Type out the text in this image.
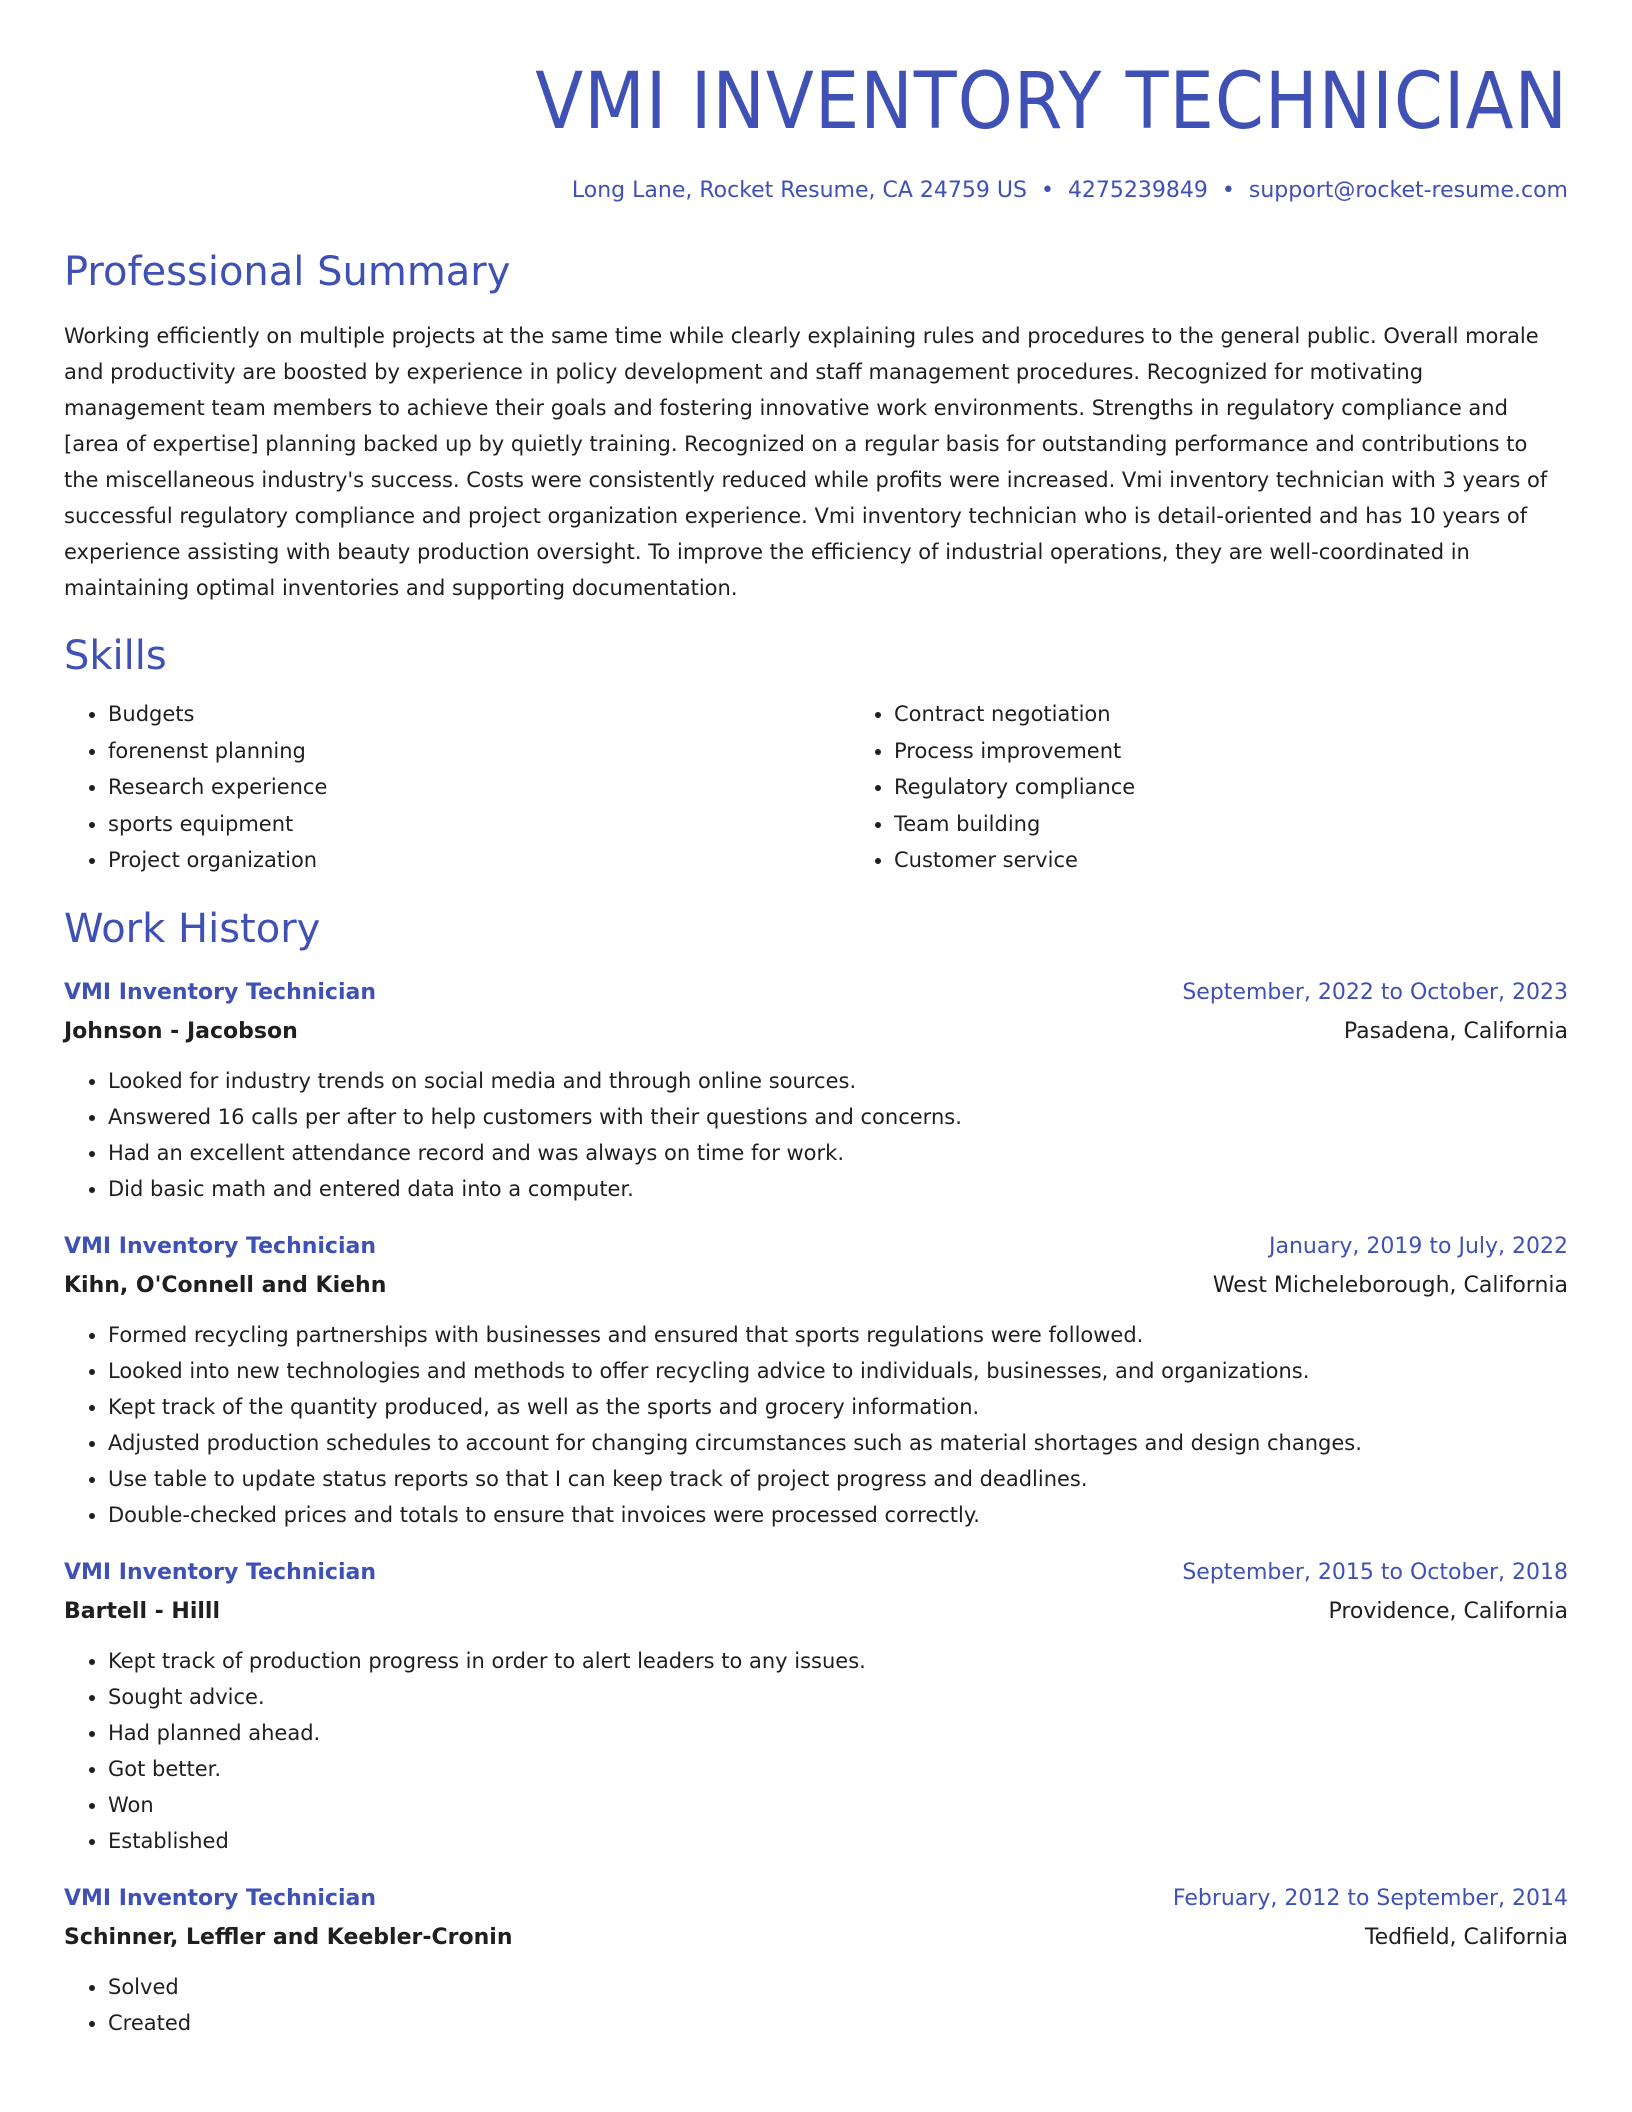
VMI INVENTORY TECHNICIAN
Long Lane, Rocket Resume, CA 24759 US • 4275239849 • support@rocket-resume.com
Professional Summary

Working efficiently on multiple projects at the same time while clearly explaining rules and procedures to the general public. Overall morale and productivity are boosted by experience in policy development and staff management procedures. Recognized for motivating management team members to achieve their goals and fostering innovative work environments. Strengths in regulatory compliance and [area of expertise] planning backed up by quietly training. Recognized on a regular basis for outstanding performance and contributions to the miscellaneous industry's success. Costs were consistently reduced while profits were increased. Vmi inventory technician with 3 years of successful regulatory compliance and project organization experience. Vmi inventory technician who is detail-oriented and has 10 years of experience assisting with beauty production oversight. To improve the efficiency of industrial operations, they are well-coordinated in maintaining optimal inventories and supporting documentation.

Skills
• Budgets
• forenenst planning
• Research experience
• sports equipment
• Project organization
• Contract negotiation
• Process improvement
• Regulatory compliance
• Team building
• Customer service
Work History
VMI Inventory Technician	September, 2022 to October, 2023
Johnson - Jacobson	Pasadena, California
• Looked for industry trends on social media and through online sources.
• Answered 16 calls per after to help customers with their questions and concerns.
• Had an excellent attendance record and was always on time for work.
• Did basic math and entered data into a computer.
VMI Inventory Technician	January, 2019 to July, 2022
Kihn, O'Connell and Kiehn	West Micheleborough, California
• Formed recycling partnerships with businesses and ensured that sports regulations were followed.
• Looked into new technologies and methods to offer recycling advice to individuals, businesses, and organizations.
• Kept track of the quantity produced, as well as the sports and grocery information.
• Adjusted production schedules to account for changing circumstances such as material shortages and design changes.
• Use table to update status reports so that I can keep track of project progress and deadlines.
• Double-checked prices and totals to ensure that invoices were processed correctly.
VMI Inventory Technician	September, 2015 to October, 2018
Bartell - Hilll	Providence, California
• Kept track of production progress in order to alert leaders to any issues.
• Sought advice.
• Had planned ahead.
• Got better.
• Won
• Established
VMI Inventory Technician	February, 2012 to September, 2014
Schinner, Leffler and Keebler-Cronin	Tedfield, California
• Solved
• Created
